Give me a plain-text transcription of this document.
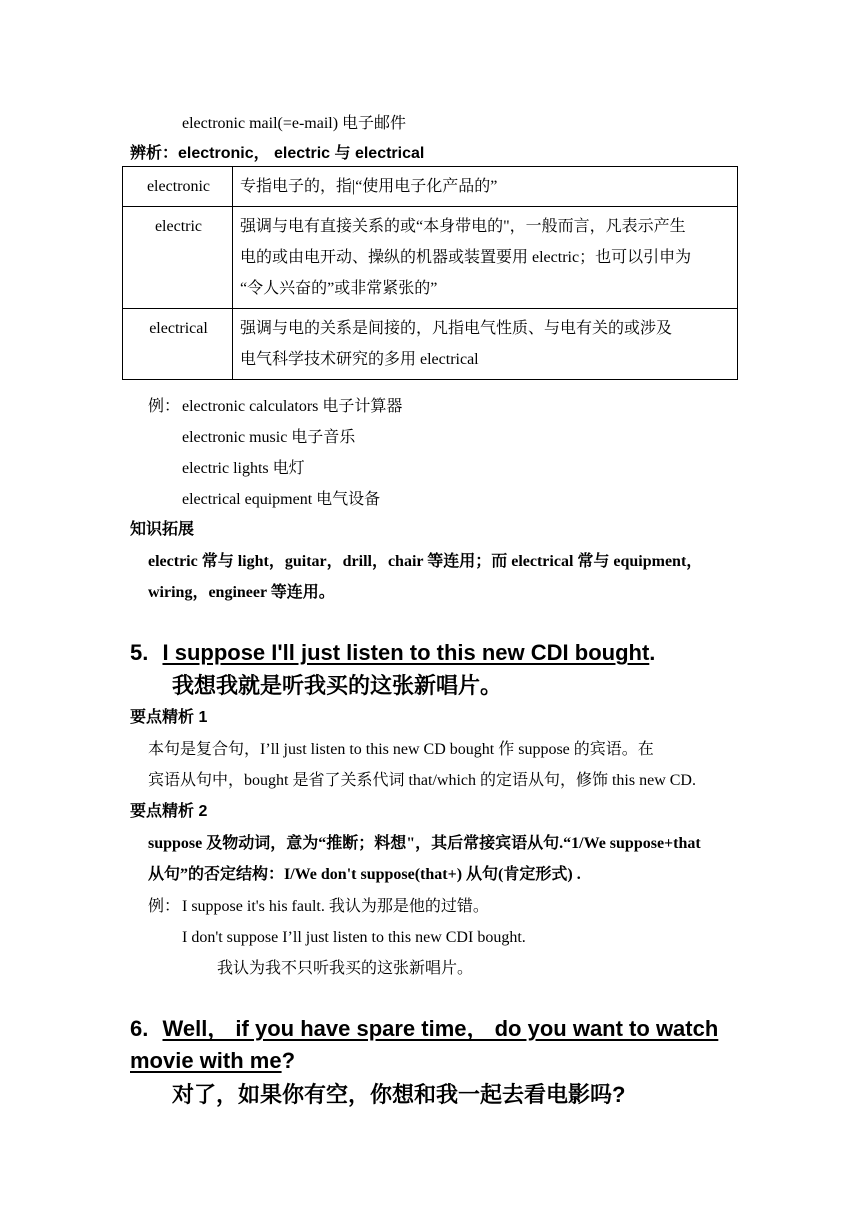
electronic mail(=e-mail) 电子邮件
辨析：electronic， electric 与 electrical
electronic	专指电子的，指|“使用电子化产品的”

electric	强调与电有直接关系的或“本身带电的"，一般而言，凡表示产生
电的或由电开动、操纵的机器或装置要用 electric；也可以引申为
“令人兴奋的”或非常紧张的”

electrical	强调与电的关系是间接的，凡指电气性质、与电有关的或涉及
电气科学技术研究的多用 electrical
例： electronic calculators 电子计算器
electronic music 电子音乐
electric lights 电灯
electrical equipment 电气设备
知识拓展
electric 常与 light，guitar，drill，chair 等连用；而 electrical 常与 equipment，
wiring，engineer 等连用。
5. I suppose I'll just listen to this new CDI bought.
我想我就是听我买的这张新唱片。
要点精析 1
本句是复合句，I’ll just listen to this new CD bought 作 suppose 的宾语。在
宾语从句中，bought 是省了关系代词 that/which 的定语从句，修饰 this new CD.
要点精析 2
suppose 及物动词，意为“推断；料想"，其后常接宾语从句.“1/We suppose+that
从句”的否定结构：I/We don't suppose(that+) 从句(肯定形式) .
例： I suppose it's his fault. 我认为那是他的过错。
I don't suppose I’ll just listen to this new CDI bought.
我认为我不只听我买的这张新唱片。
6. Well， if you have spare time， do you want to watch
movie with me?
对了，如果你有空，你想和我一起去看电影吗?
